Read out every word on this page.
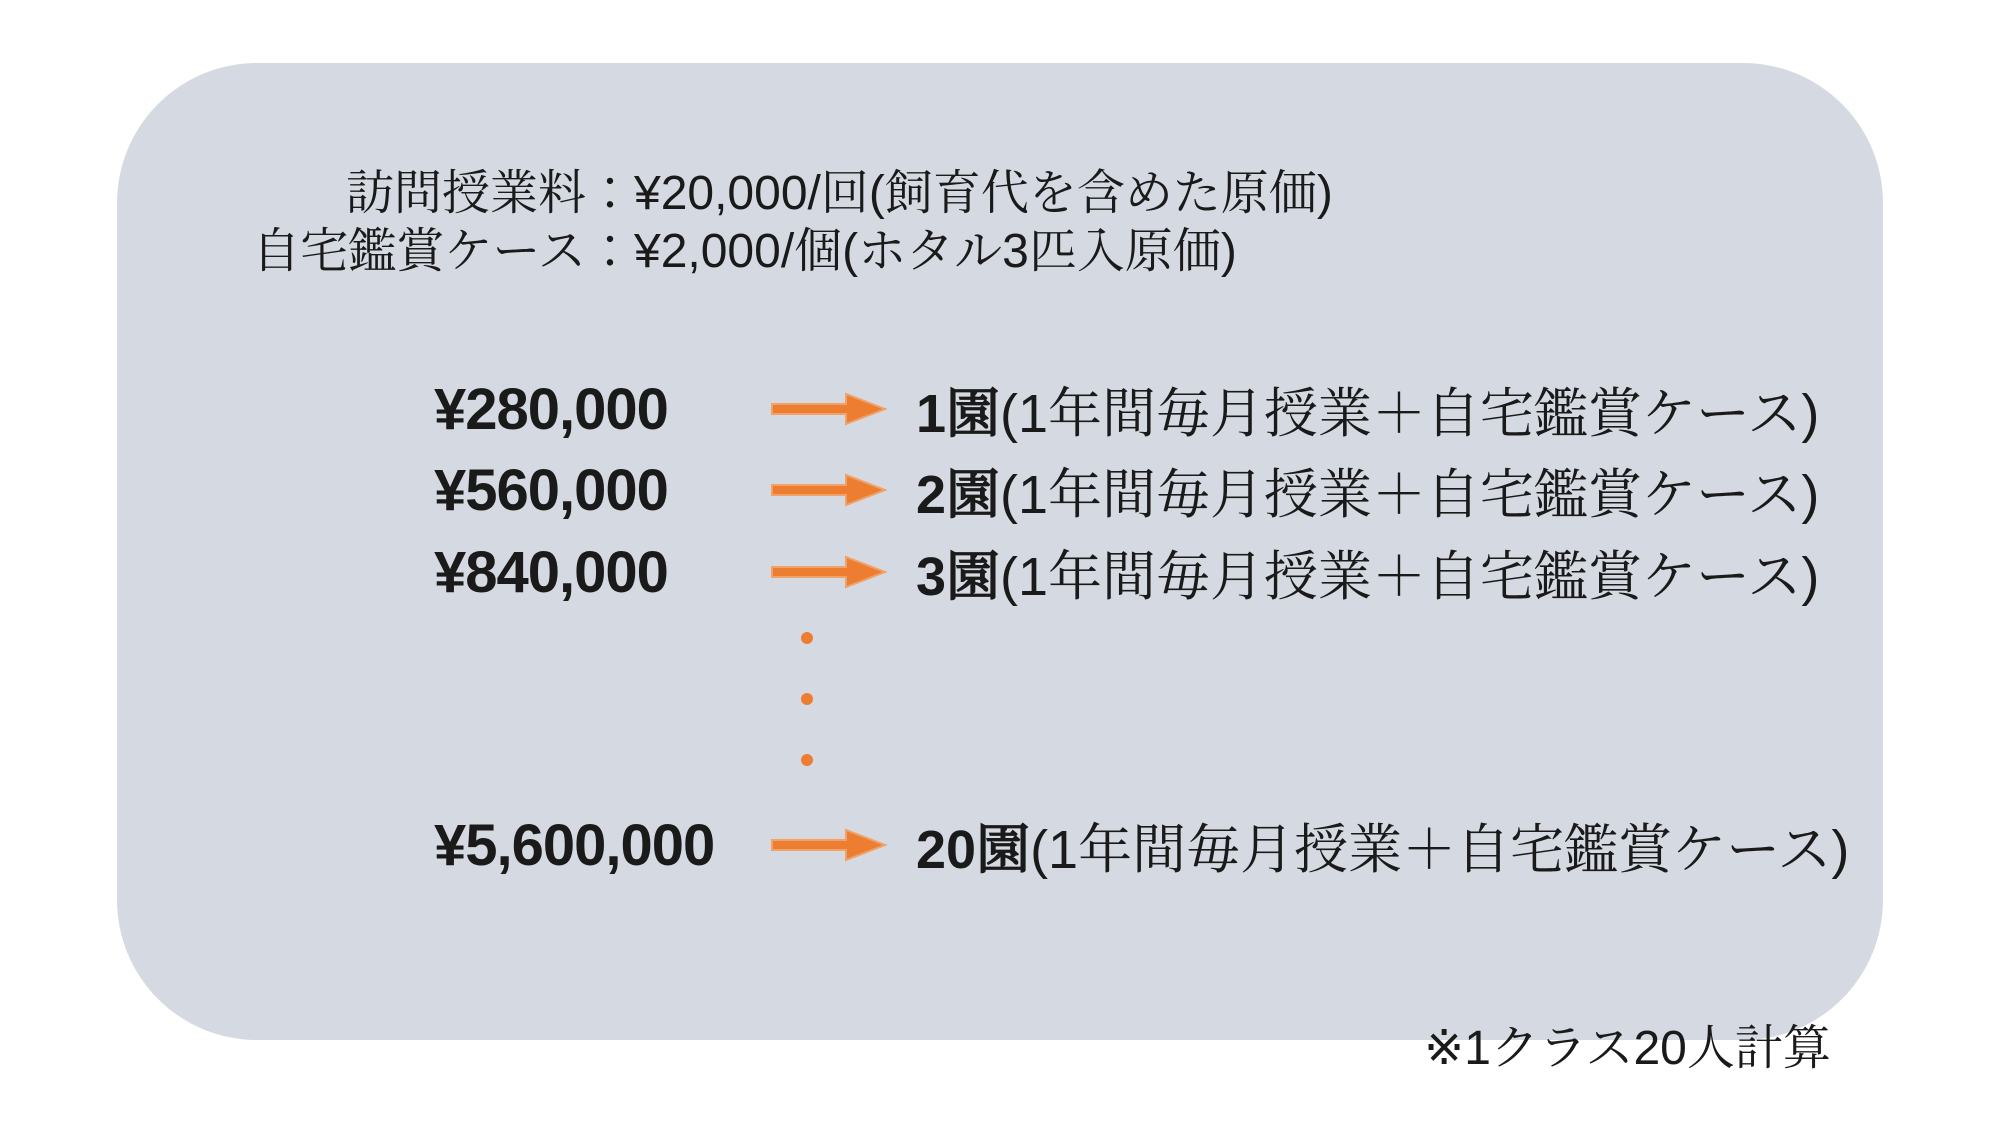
訪問授業料 ：¥20,000/回(飼育代を含めた原価)
自宅鑑賞ケース ：¥2,000/個(ホタル3匹入原価)
¥280,000	1園(1年間毎月授業＋自宅鑑賞ケース)
¥560,000	2園(1年間毎月授業＋自宅鑑賞ケース)
¥840,000	3園(1年間毎月授業＋自宅鑑賞ケース)
¥5,600,000	20園(1年間毎月授業＋自宅鑑賞ケース)
※1クラス20人計算
